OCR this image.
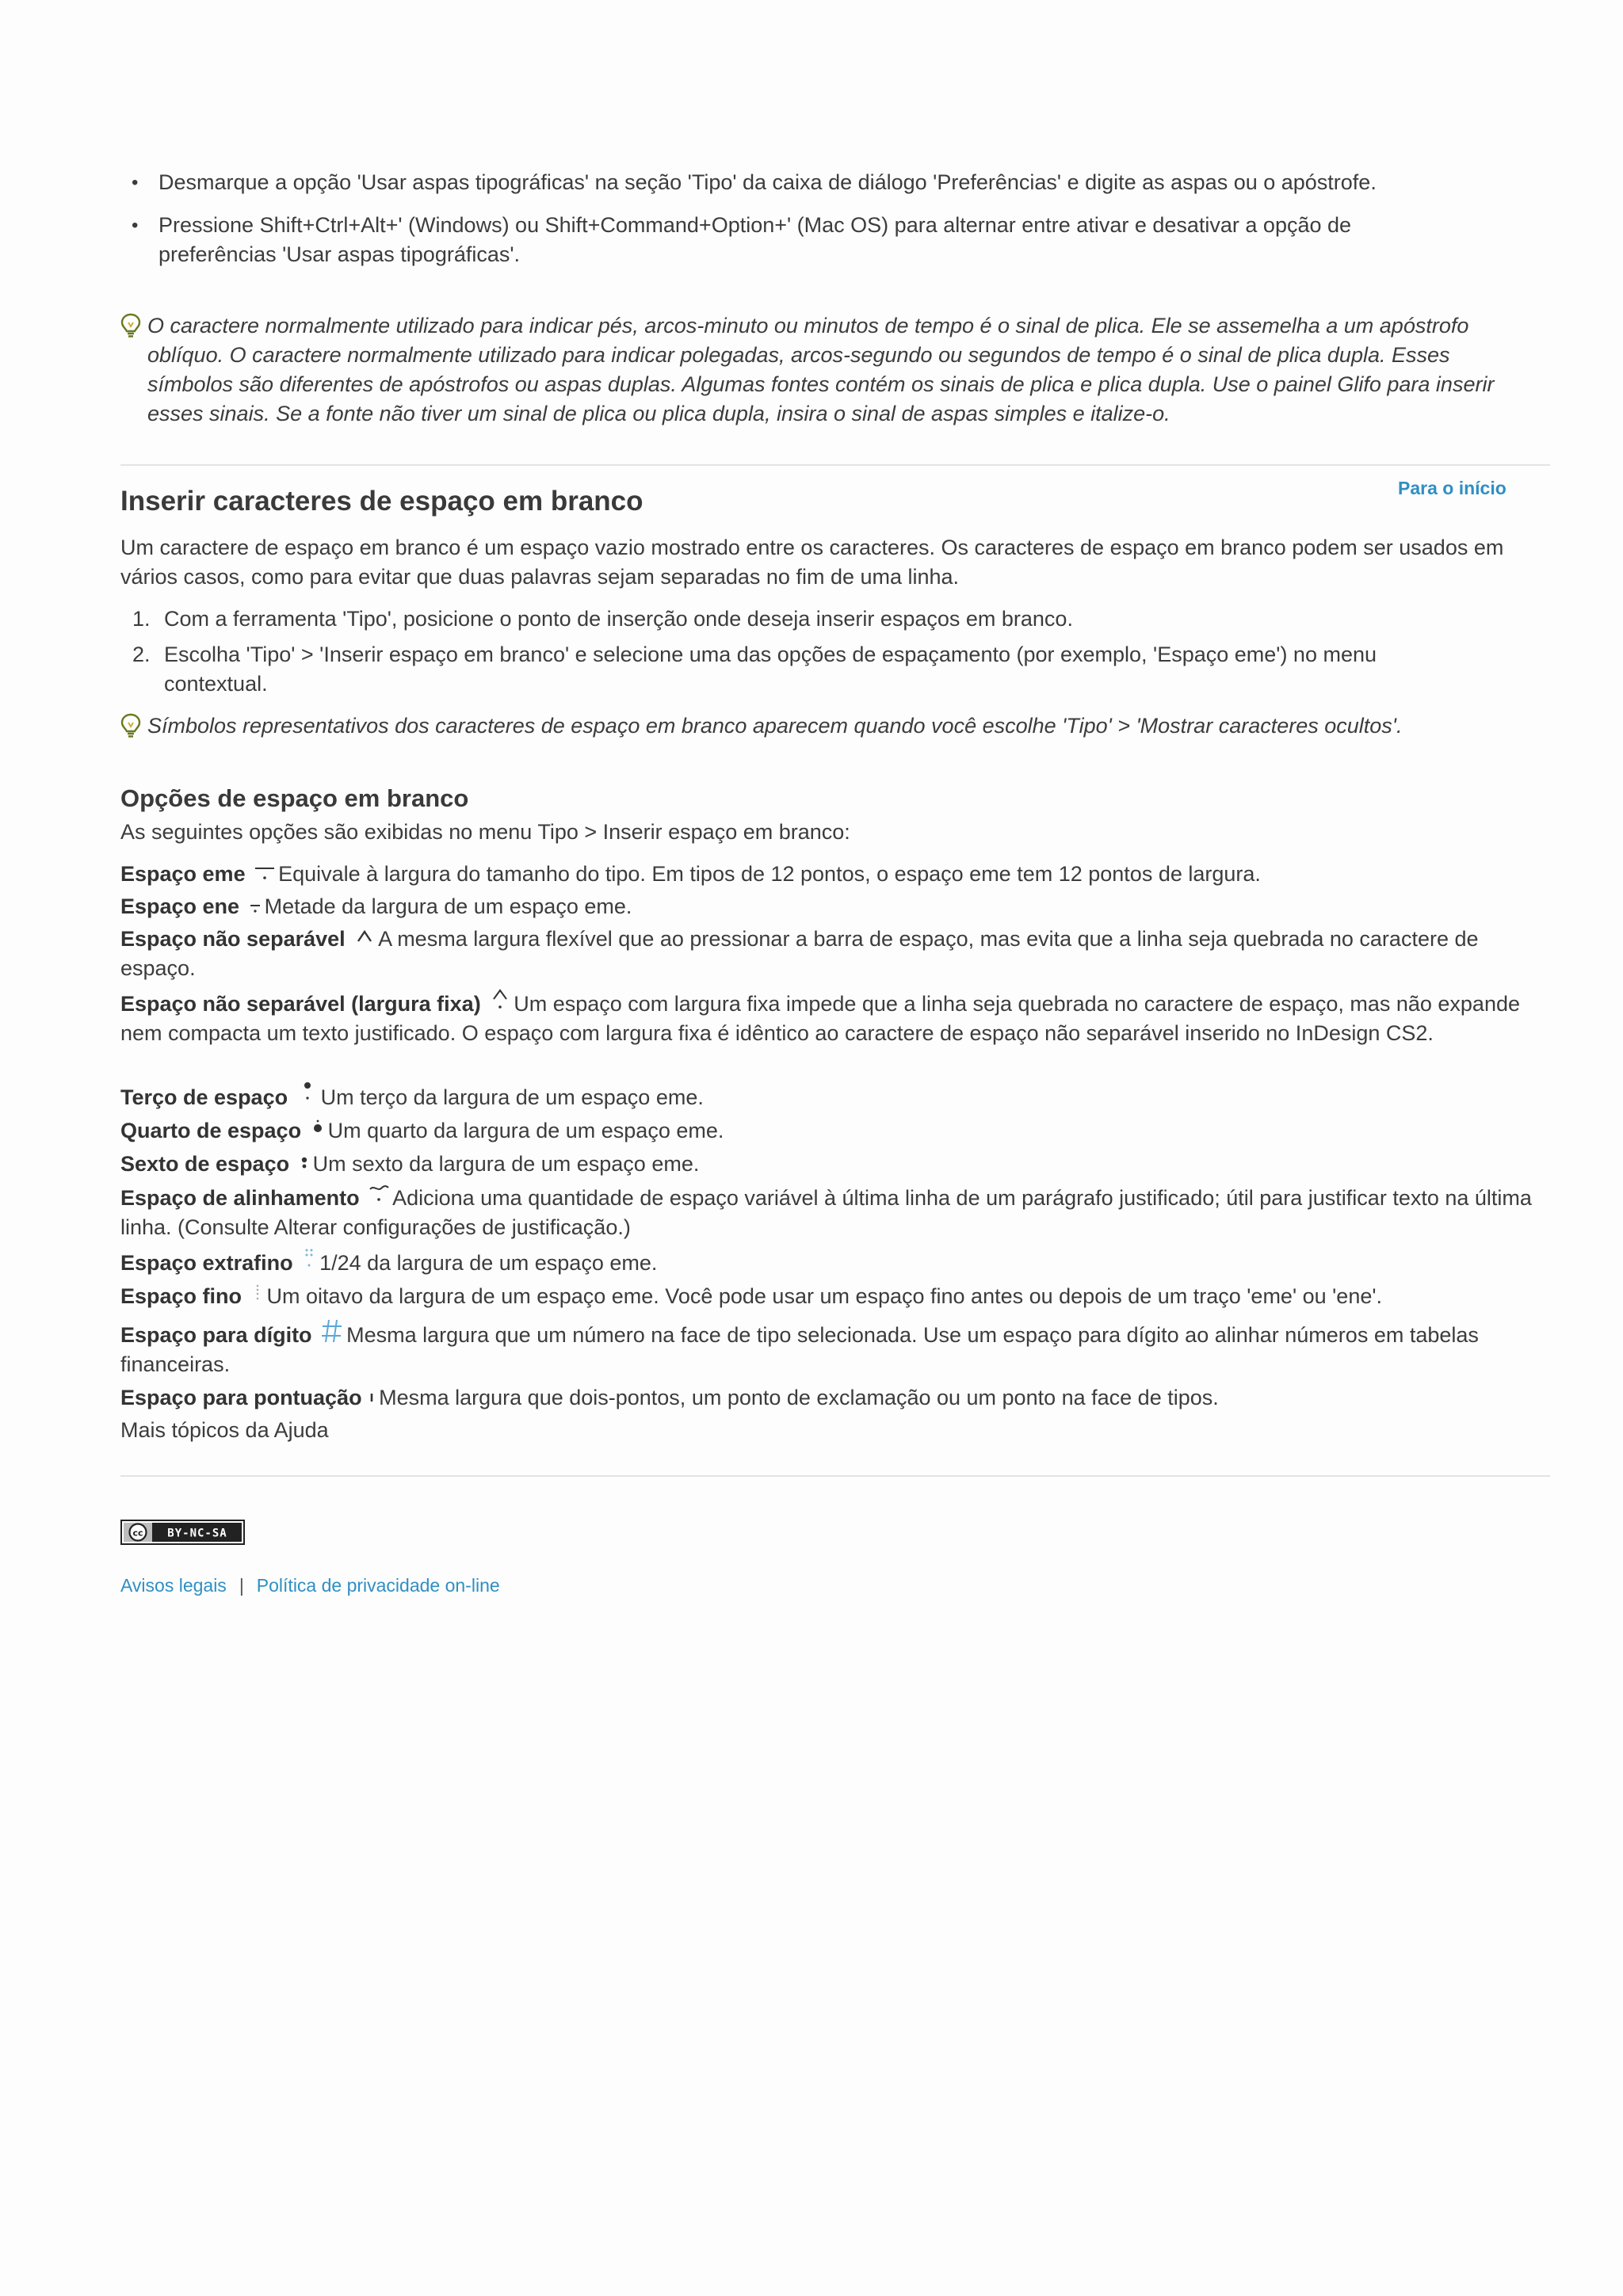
• Desmarque a opção 'Usar aspas tipográficas' na seção 'Tipo' da caixa de diálogo 'Preferências' e digite as aspas ou o apóstrofe.
• Pressione Shift+Ctrl+Alt+' (Windows) ou Shift+Command+Option+' (Mac OS) para alternar entre ativar e desativar a opção de preferências 'Usar aspas tipográficas'.
O caractere normalmente utilizado para indicar pés, arcos-minuto ou minutos de tempo é o sinal de plica. Ele se assemelha a um apóstrofo oblíquo. O caractere normalmente utilizado para indicar polegadas, arcos-segundo ou segundos de tempo é o sinal de plica dupla. Esses símbolos são diferentes de apóstrofos ou aspas duplas. Algumas fontes contém os sinais de plica e plica dupla. Use o painel Glifo para inserir esses sinais. Se a fonte não tiver um sinal de plica ou plica dupla, insira o sinal de aspas simples e italize-o.
Para o início
Inserir caracteres de espaço em branco
Um caractere de espaço em branco é um espaço vazio mostrado entre os caracteres. Os caracteres de espaço em branco podem ser usados em vários casos, como para evitar que duas palavras sejam separadas no fim de uma linha.
1. Com a ferramenta 'Tipo', posicione o ponto de inserção onde deseja inserir espaços em branco.
2. Escolha 'Tipo' > 'Inserir espaço em branco' e selecione uma das opções de espaçamento (por exemplo, 'Espaço eme') no menu contextual.
Símbolos representativos dos caracteres de espaço em branco aparecem quando você escolhe 'Tipo' > 'Mostrar caracteres ocultos'.
Opções de espaço em branco
As seguintes opções são exibidas no menu Tipo > Inserir espaço em branco:
Espaço eme Equivale à largura do tamanho do tipo. Em tipos de 12 pontos, o espaço eme tem 12 pontos de largura.
Espaço ene Metade da largura de um espaço eme.
Espaço não separável A mesma largura flexível que ao pressionar a barra de espaço, mas evita que a linha seja quebrada no caractere de espaço.
Espaço não separável (largura fixa) Um espaço com largura fixa impede que a linha seja quebrada no caractere de espaço, mas não expande nem compacta um texto justificado. O espaço com largura fixa é idêntico ao caractere de espaço não separável inserido no InDesign CS2.
Terço de espaço Um terço da largura de um espaço eme.
Quarto de espaço Um quarto da largura de um espaço eme.
Sexto de espaço Um sexto da largura de um espaço eme.
Espaço de alinhamento Adiciona uma quantidade de espaço variável à última linha de um parágrafo justificado; útil para justificar texto na última linha. (Consulte Alterar configurações de justificação.)
Espaço extrafino 1/24 da largura de um espaço eme.
Espaço fino Um oitavo da largura de um espaço eme. Você pode usar um espaço fino antes ou depois de um traço 'eme' ou 'ene'.
Espaço para dígito Mesma largura que um número na face de tipo selecionada. Use um espaço para dígito ao alinhar números em tabelas financeiras.
Espaço para pontuação Mesma largura que dois-pontos, um ponto de exclamação ou um ponto na face de tipos.
Mais tópicos da Ajuda
cc BY-NC-SA
Avisos legais | Política de privacidade on-line
